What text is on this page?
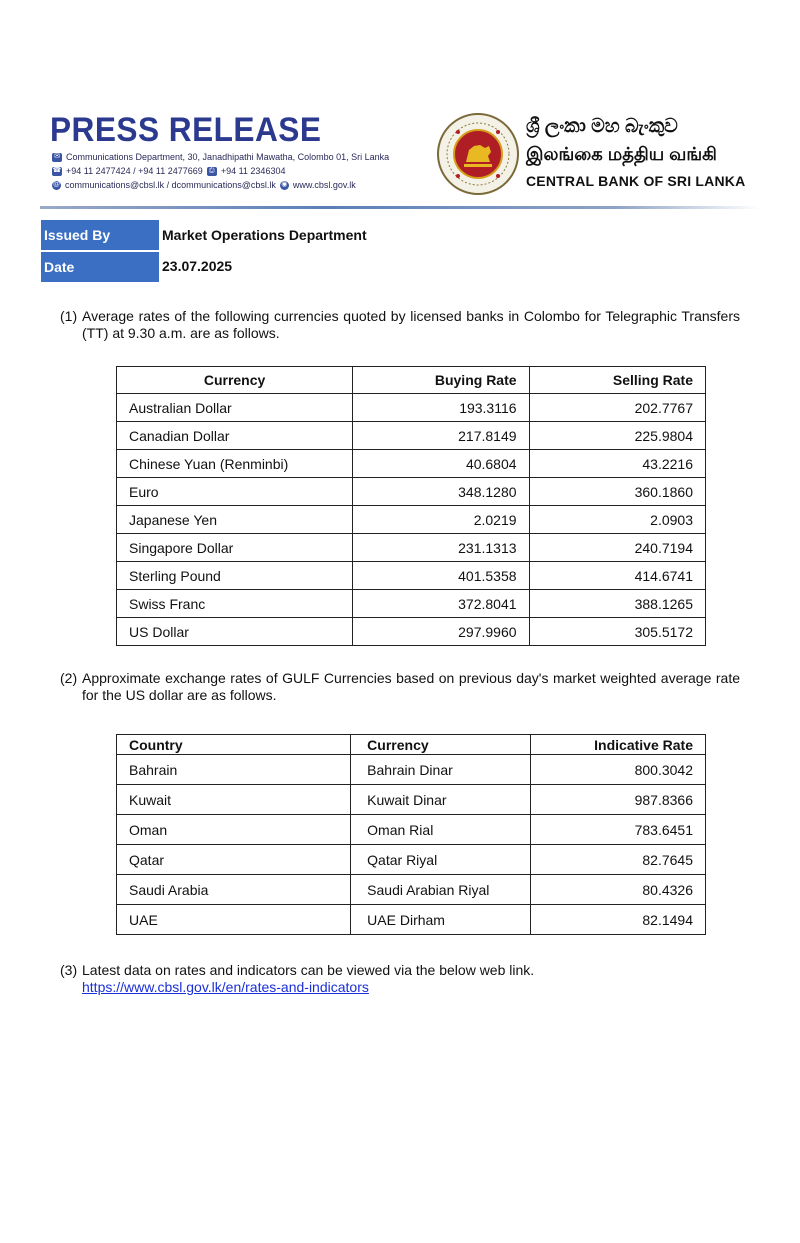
PRESS RELEASE
✉ Communications Department, 30, Janadhipathi Mawatha, Colombo 01, Sri Lanka
☎ +94 11 2477424 / +94 11 2477669 ⎙ +94 11 2346304
@ communications@cbsl.lk / dcommunications@cbsl.lk ◉ www.cbsl.gov.lk
ශ්‍රී ලංකා මහ බැංකුව
இலங்கை மத்திய வங்கி
CENTRAL BANK OF SRI LANKA
Issued By	Market Operations Department
Date	23.07.2025
(1) Average rates of the following currencies quoted by licensed banks in Colombo for Telegraphic Transfers (TT) at 9.30 a.m. are as follows.
Currency	Buying Rate	Selling Rate
Australian Dollar	193.3116	202.7767
Canadian Dollar	217.8149	225.9804
Chinese Yuan (Renminbi)	40.6804	43.2216
Euro	348.1280	360.1860
Japanese Yen	2.0219	2.0903
Singapore Dollar	231.1313	240.7194
Sterling Pound	401.5358	414.6741
Swiss Franc	372.8041	388.1265
US Dollar	297.9960	305.5172
(2) Approximate exchange rates of GULF Currencies based on previous day's market weighted average rate for the US dollar are as follows.
Country	Currency	Indicative Rate
Bahrain	Bahrain Dinar	800.3042
Kuwait	Kuwait Dinar	987.8366
Oman	Oman Rial	783.6451
Qatar	Qatar Riyal	82.7645
Saudi Arabia	Saudi Arabian Riyal	80.4326
UAE	UAE Dirham	82.1494
(3) Latest data on rates and indicators can be viewed via the below web link.
https://www.cbsl.gov.lk/en/rates-and-indicators
